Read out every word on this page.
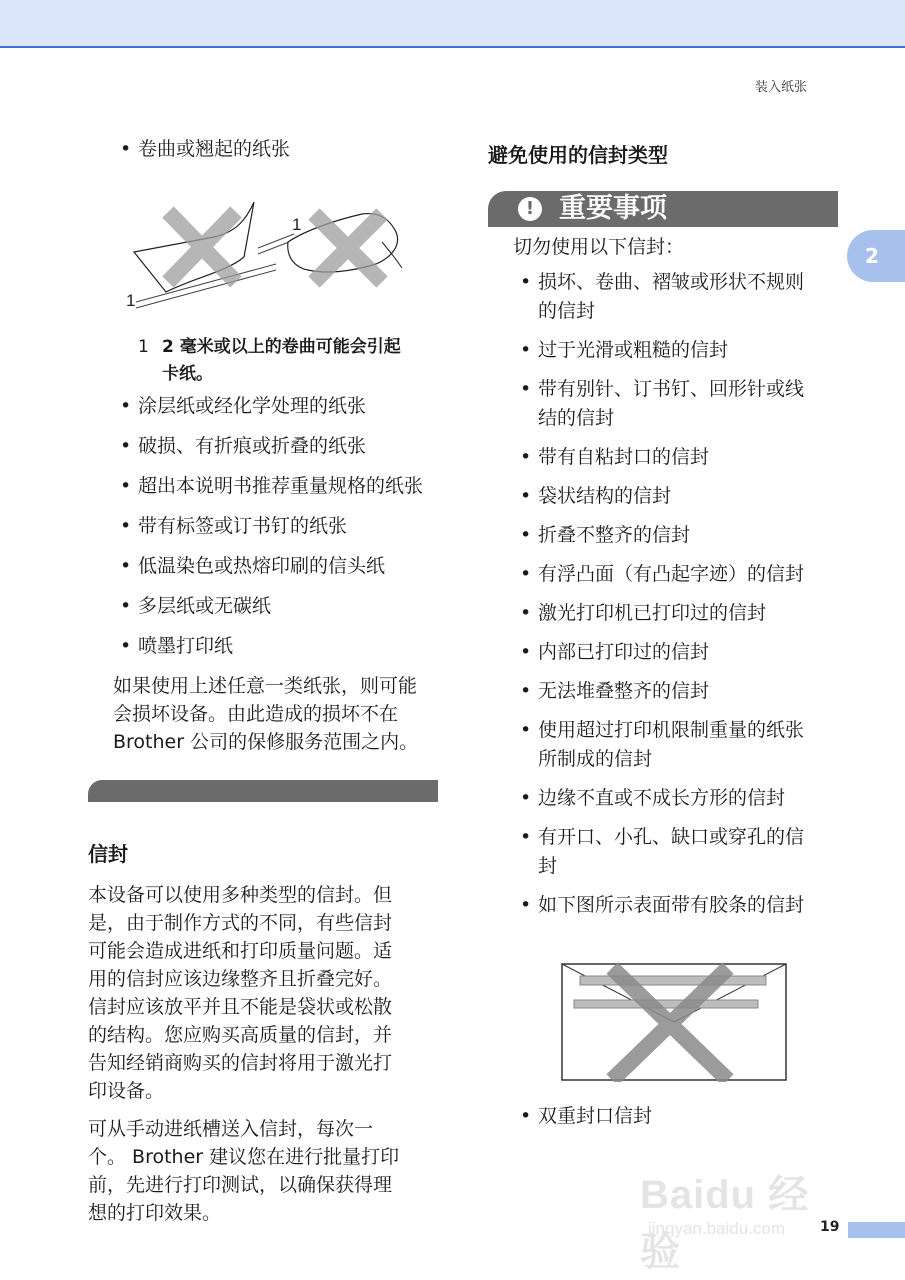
装入纸张
2

• 卷曲或翘起的纸张

1
1
1 2 毫米或以上的卷曲可能会引起
卡纸。

• 涂层纸或经化学处理的纸张

• 破损、有折痕或折叠的纸张

• 超出本说明书推荐重量规格的纸张

• 带有标签或订书钉的纸张

• 低温染色或热熔印刷的信头纸

• 多层纸或无碳纸

• 喷墨打印纸

如果使用上述任意一类纸张，则可能
会损坏设备。由此造成的损坏不在
Brother 公司的保修服务范围之内。
信封
本设备可以使用多种类型的信封。但
是，由于制作方式的不同，有些信封
可能会造成进纸和打印质量问题。适
用的信封应该边缘整齐且折叠完好。
信封应该放平并且不能是袋状或松散
的结构。您应购买高质量的信封，并
告知经销商购买的信封将用于激光打
印设备。
可从手动进纸槽送入信封，每次一
个。 Brother 建议您在进行批量打印
前，先进行打印测试，以确保获得理
想的打印效果。
避免使用的信封类型
! 重要事项

切勿使用以下信封：

• 损坏、卷曲、褶皱或形状不规则
的信封
• 过于光滑或粗糙的信封
• 带有别针、订书钉、回形针或线
结的信封
• 带有自粘封口的信封
• 袋状结构的信封
• 折叠不整齐的信封
• 有浮凸面（有凸起字迹）的信封
• 激光打印机已打印过的信封
• 内部已打印过的信封
• 无法堆叠整齐的信封
• 使用超过打印机限制重量的纸张
所制成的信封
• 边缘不直或不成长方形的信封
• 有开口、小孔、缺口或穿孔的信
封
• 如下图所示表面带有胶条的信封

• 双重封口信封

Baidu 经验
jingyan.baidu.com 19
